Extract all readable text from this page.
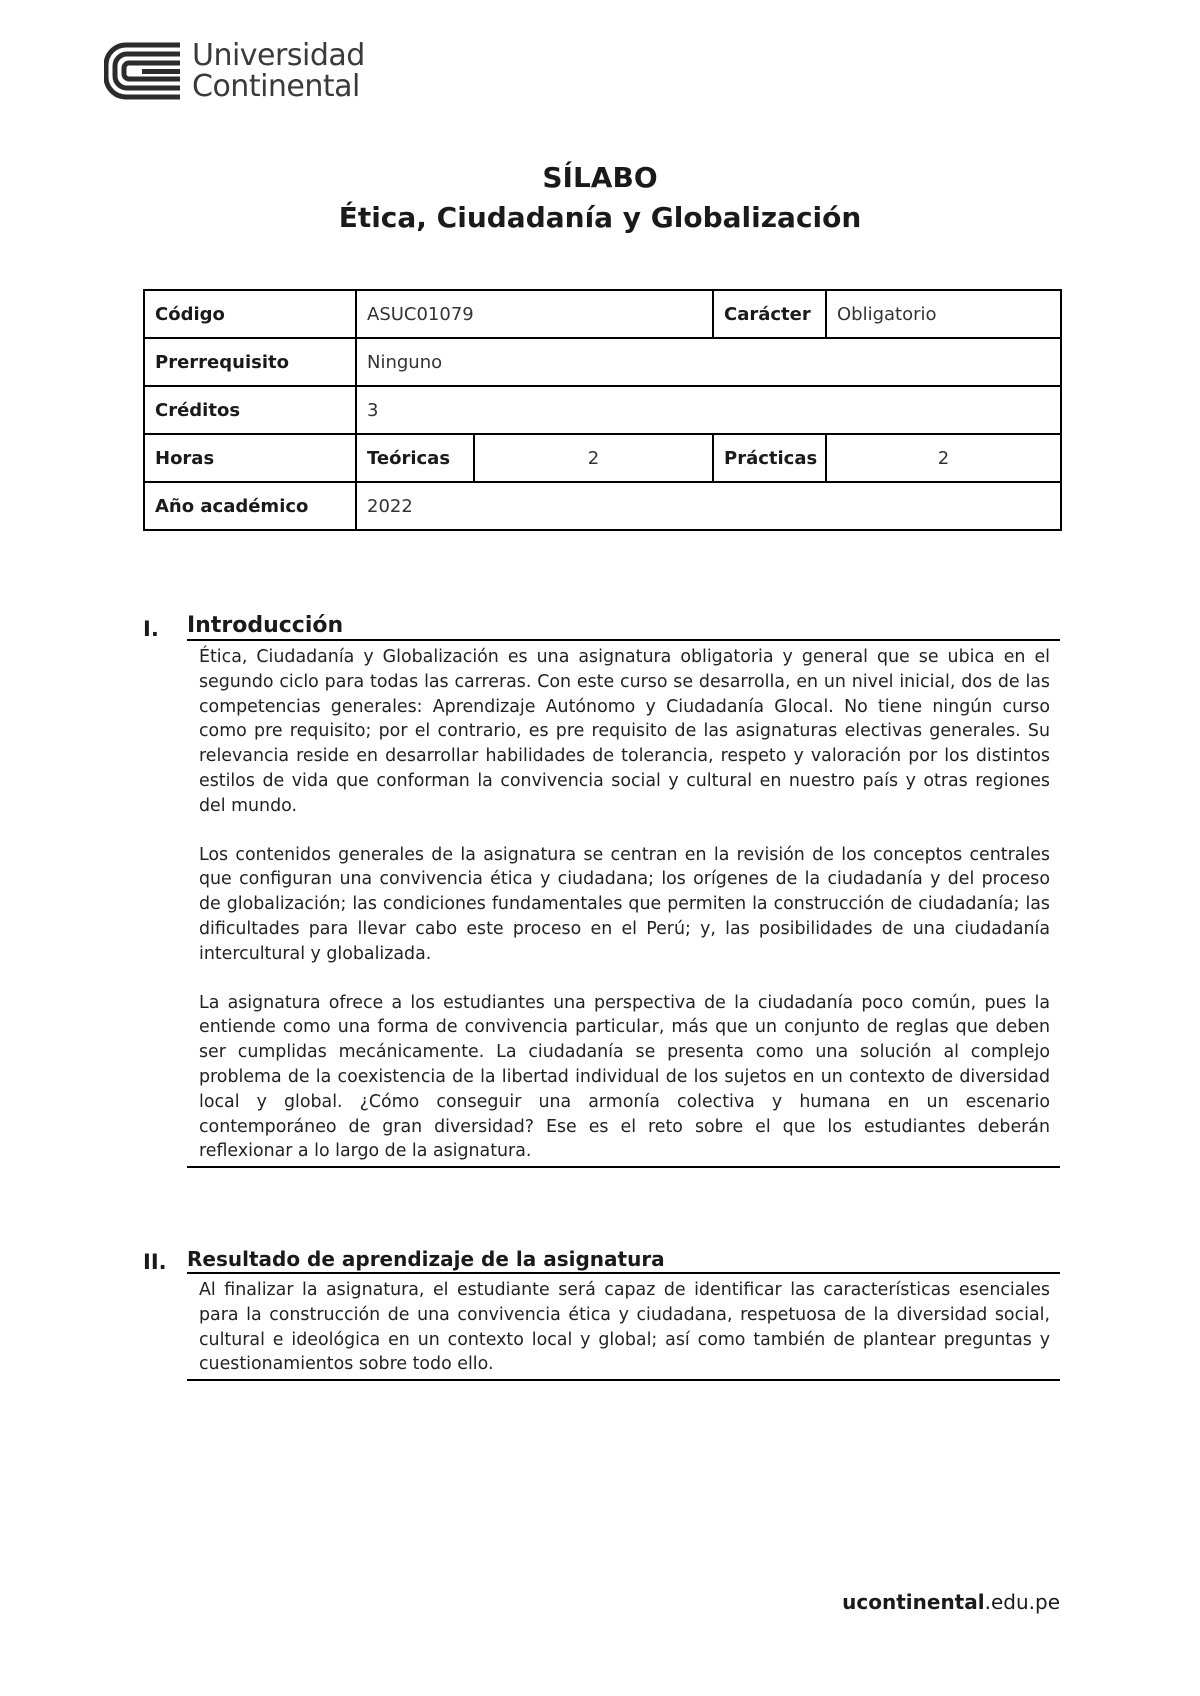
Universidad
Continental
SÍLABO
Ética, Ciudadanía y Globalización
Código	ASUC01079		Carácter	Obligatorio
Prerrequisito	Ninguno			
Créditos	3			
Horas	Teóricas	2	Prácticas	2
Año académico	2022			
I.	Introducción

Ética, Ciudadanía y Globalización es una asignatura obligatoria y general que se ubica en el segundo ciclo para todas las carreras. Con este curso se desarrolla, en un nivel inicial, dos de las competencias generales: Aprendizaje Autónomo y Ciudadanía Glocal. No tiene ningún curso como pre requisito; por el contrario, es pre requisito de las asignaturas electivas generales. Su relevancia reside en desarrollar habilidades de tolerancia, respeto y valoración por los distintos estilos de vida que conforman la convivencia social y cultural en nuestro país y otras regiones del mundo.

Los contenidos generales de la asignatura se centran en la revisión de los conceptos centrales que configuran una convivencia ética y ciudadana; los orígenes de la ciudadanía y del proceso de globalización; las condiciones fundamentales que permiten la construcción de ciudadanía; las dificultades para llevar cabo este proceso en el Perú; y, las posibilidades de una ciudadanía intercultural y globalizada.

La asignatura ofrece a los estudiantes una perspectiva de la ciudadanía poco común, pues la entiende como una forma de convivencia particular, más que un conjunto de reglas que deben ser cumplidas mecánicamente. La ciudadanía se presenta como una solución al complejo problema de la coexistencia de la libertad individual de los sujetos en un contexto de diversidad local y global. ¿Cómo conseguir una armonía colectiva y humana en un escenario contemporáneo de gran diversidad? Ese es el reto sobre el que los estudiantes deberán reflexionar a lo largo de la asignatura.

II.	Resultado de aprendizaje de la asignatura

Al finalizar la asignatura, el estudiante será capaz de identificar las características esenciales para la construcción de una convivencia ética y ciudadana, respetuosa de la diversidad social, cultural e ideológica en un contexto local y global; así como también de plantear preguntas y cuestionamientos sobre todo ello.

ucontinental.edu.pe
